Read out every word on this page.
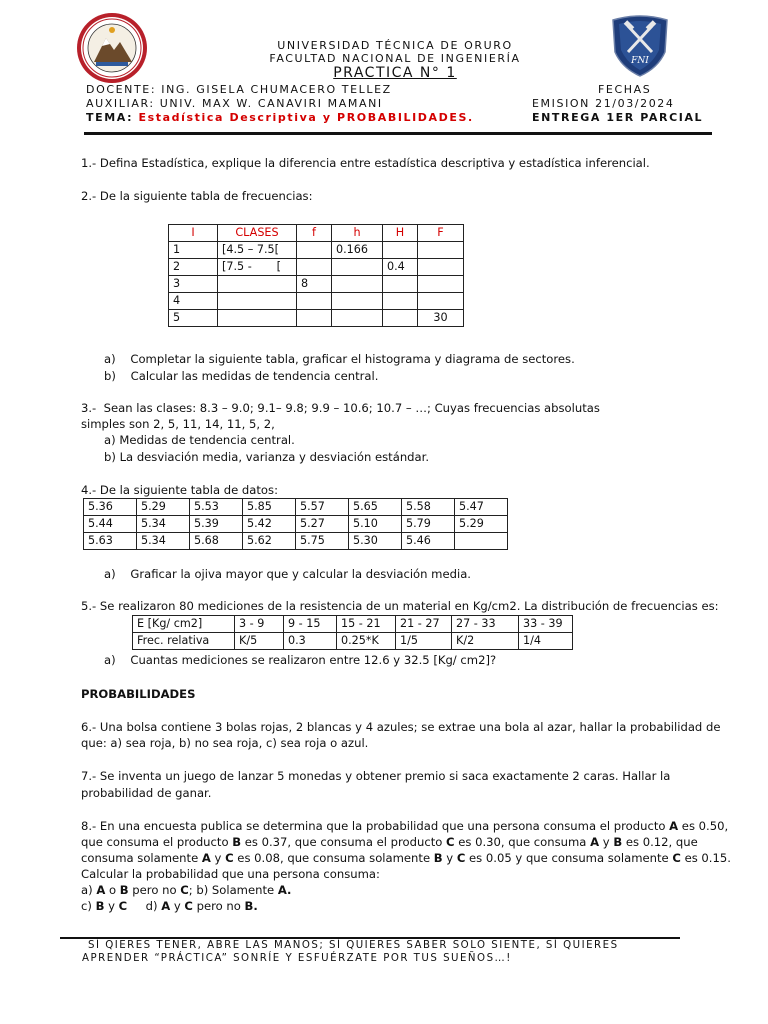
FNI
UNIVERSIDAD TÉCNICA DE ORURO
FACULTAD NACIONAL DE INGENIERÍA
PRACTICA N° 1
DOCENTE: ING. GISELA CHUMACERO TELLEZ	FECHAS
AUXILIAR: UNIV. MAX W. CANAVIRI MAMANI	EMISION 21/03/2024
TEMA: Estadística Descriptiva y PROBABILIDADES.	ENTREGA 1ER PARCIAL
1.- Defina Estadística, explique la diferencia entre estadística descriptiva y estadística inferencial.
2.- De la siguiente tabla de frecuencias:
I	CLASES	f	h	H	F
1	[4.5 – 7.5[		0.166		
2	[7.5 -       [			0.4	
3		8			
4					
5					30
a)    Completar la siguiente tabla, graficar el histograma y diagrama de sectores.
b)    Calcular las medidas de tendencia central.
3.-  Sean las clases: 8.3 – 9.0; 9.1– 9.8; 9.9 – 10.6; 10.7 – …; Cuyas frecuencias absolutas
simples son 2, 5, 11, 14, 11, 5, 2,
a) Medidas de tendencia central.
b) La desviación media, varianza y desviación estándar.
4.- De la siguiente tabla de datos:
5.36	5.29	5.53	5.85	5.57	5.65	5.58	5.47
5.44	5.34	5.39	5.42	5.27	5.10	5.79	5.29
5.63	5.34	5.68	5.62	5.75	5.30	5.46	
a)    Graficar la ojiva mayor que y calcular la desviación media.
5.- Se realizaron 80 mediciones de la resistencia de un material en Kg/cm2. La distribución de frecuencias es:
E [Kg/ cm2]	3 - 9	9 - 15	15 - 21	21 - 27	27 - 33	33 - 39
Frec. relativa	K/5	0.3	0.25*K	1/5	K/2	1/4
a)    Cuantas mediciones se realizaron entre 12.6 y 32.5 [Kg/ cm2]?
PROBABILIDADES
6.- Una bolsa contiene 3 bolas rojas, 2 blancas y 4 azules; se extrae una bola al azar, hallar la probabilidad de
que: a) sea roja, b) no sea roja, c) sea roja o azul.
7.- Se inventa un juego de lanzar 5 monedas y obtener premio si saca exactamente 2 caras. Hallar la
probabilidad de ganar.
8.- En una encuesta publica se determina que la probabilidad que una persona consuma el producto A es 0.50,
que consuma el producto B es 0.37, que consuma el producto C es 0.30, que consuma A y B es 0.12, que
consuma solamente A y C es 0.08, que consuma solamente B y C es 0.05 y que consuma solamente C es 0.15.
Calcular la probabilidad que una persona consuma:
a) A o B pero no C; b) Solamente A.
c) B y C     d) A y C pero no B.
SÍ QIERES TENER, ABRE LAS MANOS; SÍ QUIERES SABER SOLO SIENTE, SÍ QUIERES
APRENDER “PRÁCTICA” SONRÍE Y ESFUÉRZATE POR TUS SUEÑOS…!
